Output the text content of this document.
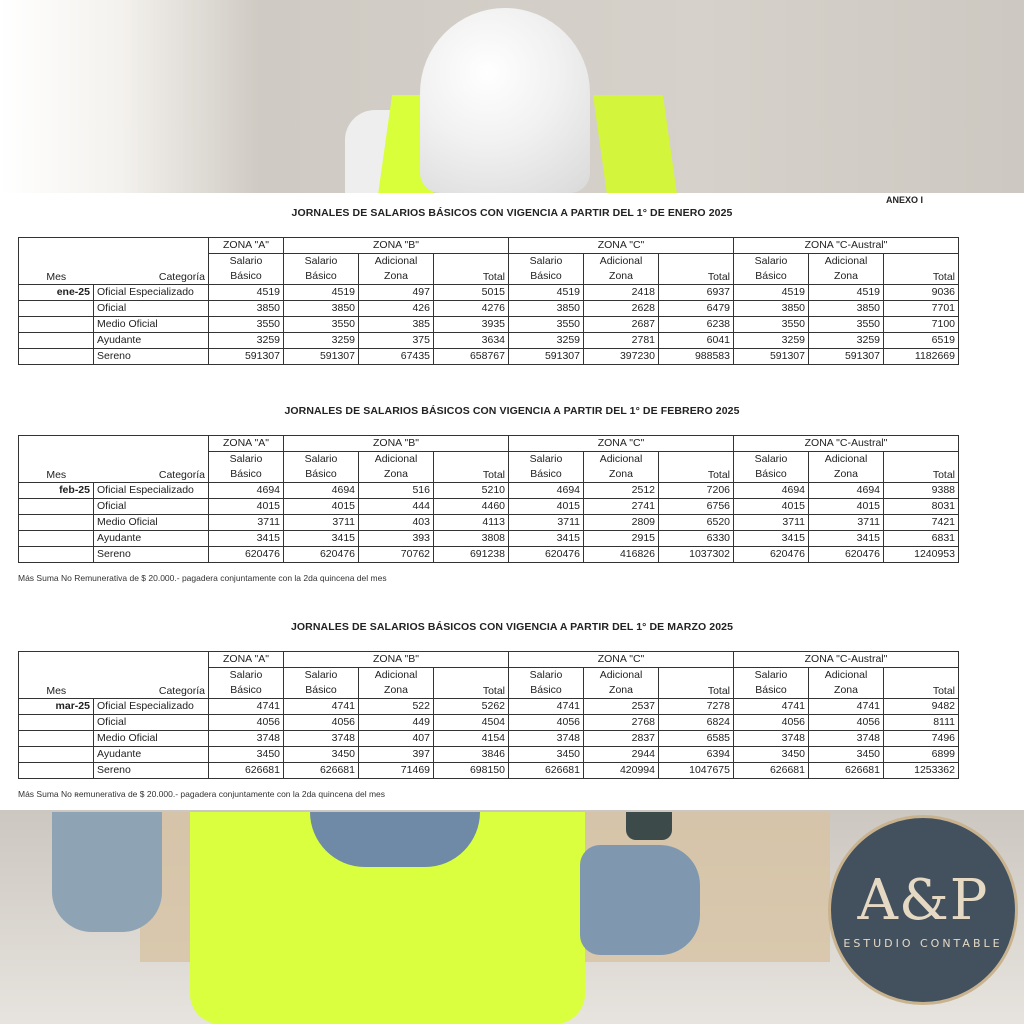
ANEXO I
JORNALES DE SALARIOS BÁSICOS CON VIGENCIA A PARTIR DEL 1° DE ENERO 2025
		ZONA "A"	ZONA "B"			ZONA "C"			ZONA "C-Austral"		
Mes	Categoría	Salario	Salario	Adicional	Total	Salario	Adicional	Total	Salario	Adicional	Total
		Básico	Básico	Zona		Básico	Zona		Básico	Zona	
ene-25	Oficial Especializado	4519	4519	497	5015	4519	2418	6937	4519	4519	9036
	Oficial	3850	3850	426	4276	3850	2628	6479	3850	3850	7701
	Medio Oficial	3550	3550	385	3935	3550	2687	6238	3550	3550	7100
	Ayudante	3259	3259	375	3634	3259	2781	6041	3259	3259	6519
	Sereno	591307	591307	67435	658767	591307	397230	988583	591307	591307	1182669
JORNALES DE SALARIOS BÁSICOS CON VIGENCIA A PARTIR DEL 1° DE FEBRERO 2025
		ZONA "A"	ZONA "B"			ZONA "C"			ZONA "C-Austral"		
Mes	Categoría	Salario	Salario	Adicional	Total	Salario	Adicional	Total	Salario	Adicional	Total
		Básico	Básico	Zona		Básico	Zona		Básico	Zona	
feb-25	Oficial Especializado	4694	4694	516	5210	4694	2512	7206	4694	4694	9388
	Oficial	4015	4015	444	4460	4015	2741	6756	4015	4015	8031
	Medio Oficial	3711	3711	403	4113	3711	2809	6520	3711	3711	7421
	Ayudante	3415	3415	393	3808	3415	2915	6330	3415	3415	6831
	Sereno	620476	620476	70762	691238	620476	416826	1037302	620476	620476	1240953
Más Suma No Remunerativa de $ 20.000.- pagadera conjuntamente con la 2da quincena del mes
JORNALES DE SALARIOS BÁSICOS CON VIGENCIA A PARTIR DEL 1° DE MARZO 2025
		ZONA "A"	ZONA "B"			ZONA "C"			ZONA "C-Austral"		
Mes	Categoría	Salario	Salario	Adicional	Total	Salario	Adicional	Total	Salario	Adicional	Total
		Básico	Básico	Zona		Básico	Zona		Básico	Zona	
mar-25	Oficial Especializado	4741	4741	522	5262	4741	2537	7278	4741	4741	9482
	Oficial	4056	4056	449	4504	4056	2768	6824	4056	4056	8111
	Medio Oficial	3748	3748	407	4154	3748	2837	6585	3748	3748	7496
	Ayudante	3450	3450	397	3846	3450	2944	6394	3450	3450	6899
	Sereno	626681	626681	71469	698150	626681	420994	1047675	626681	626681	1253362
Más Suma No ʀemunerativa de $ 20.000.- pagadera conjuntamente con la 2da quincena del mes
A&P
ESTUDIO CONTABLE
